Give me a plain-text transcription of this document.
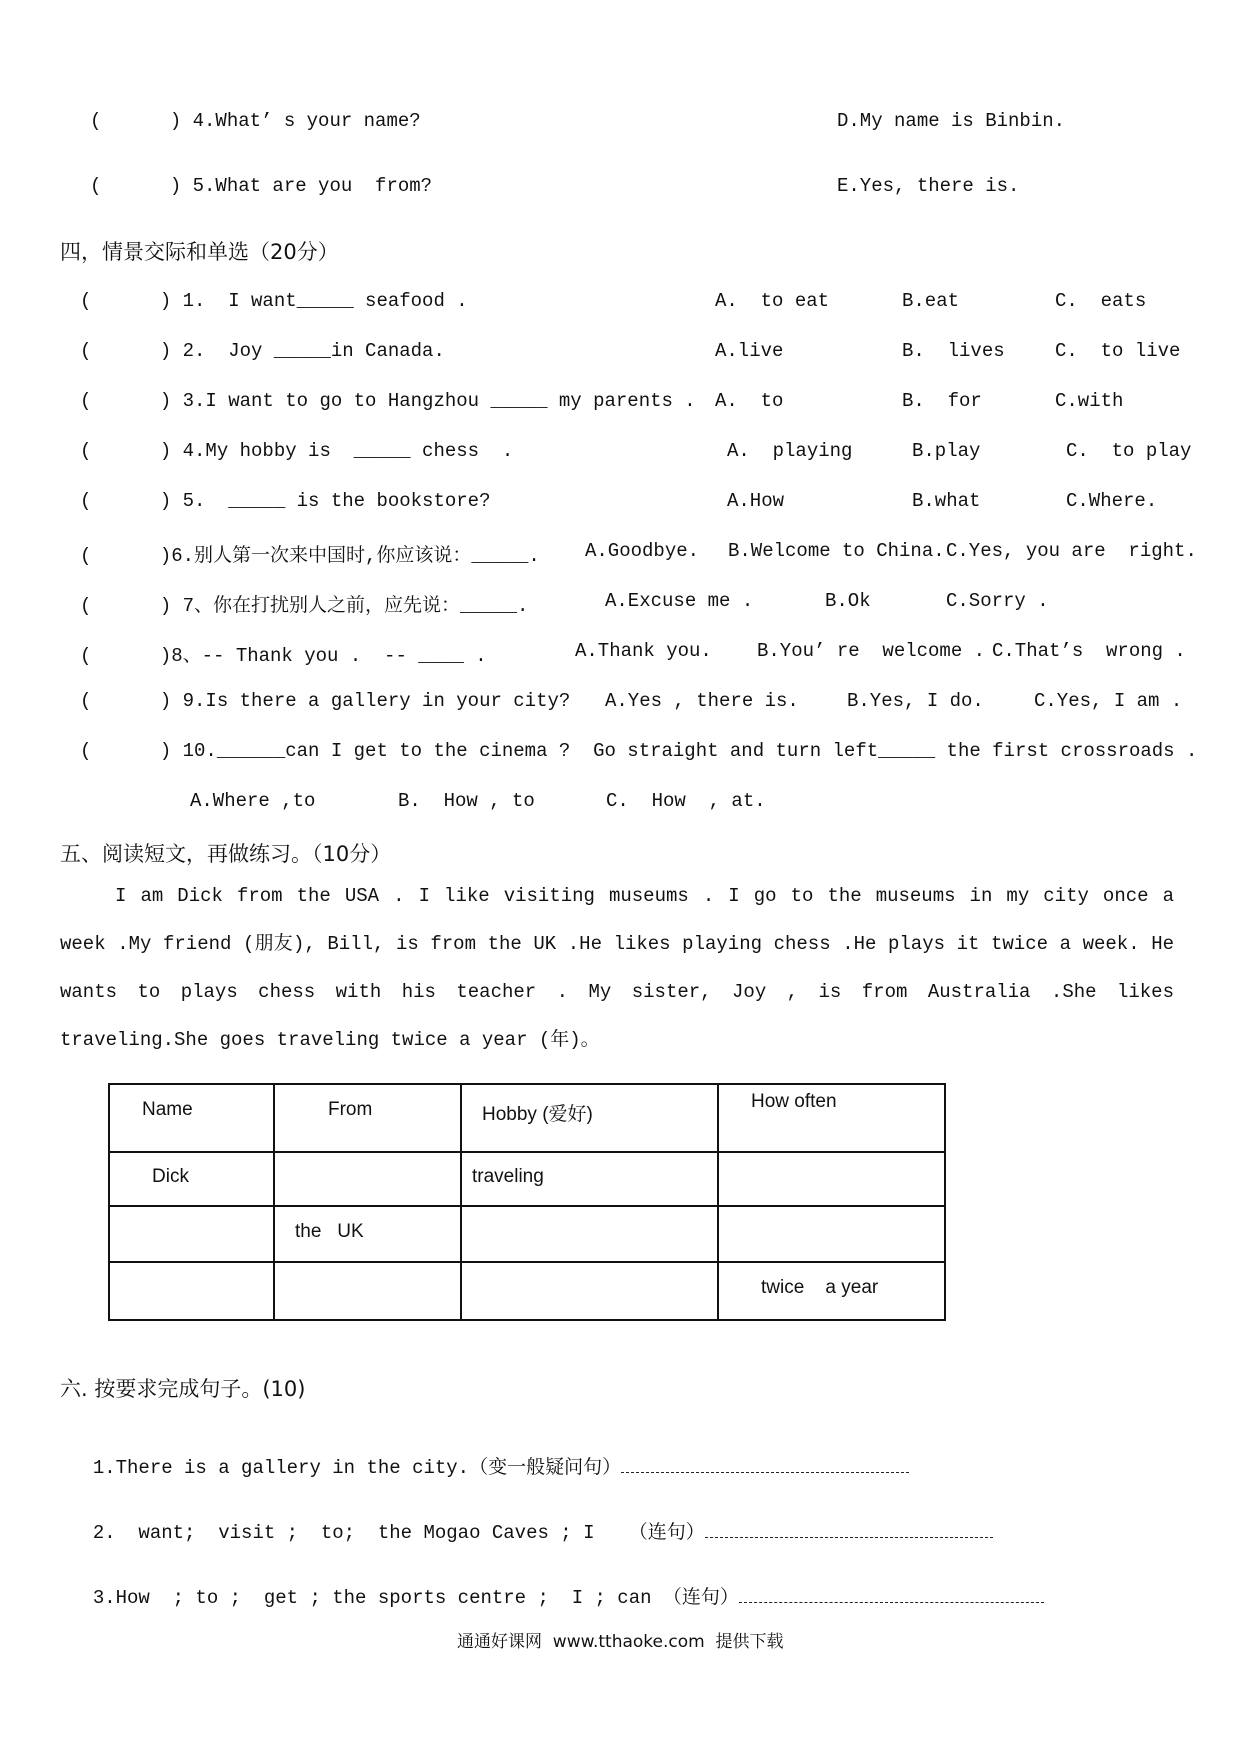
(      ) 4.What’ s your name?	D.My name is Binbin.
(      ) 5.What are you  from?	E.Yes, there is.
四，情景交际和单选（20分）
(      ) 1.  I want_____ seafood .	A.  to eat	B.eat	C.  eats
(      ) 2.  Joy _____in Canada.	A.live	B.  lives	C.  to live
(      ) 3.I want to go to Hangzhou _____ my parents . A.  to	B.  for	C.with
(      ) 4.My hobby is  _____ chess  .	A.  playing	B.play	C.  to play
(      ) 5.  _____ is the bookstore?	A.How	B.what	C.Where.
(      )6.别人第一次来中国时,你应该说：_____. A.Goodbye. B.Welcome to China. C.Yes, you are  right.
(      ) 7、你在打扰别人之前，应先说：_____.	A.Excuse me .	B.Ok	C.Sorry .
(      )8、-- Thank you .  -- ____ .	A.Thank you. B.You’ re  welcome . C.That’s  wrong .
(      ) 9.Is there a gallery in your city? A.Yes , there is.	B.Yes, I do.	C.Yes, I am .
(      ) 10.______can I get to the cinema ?  Go straight and turn left_____ the first crossroads .
A.Where ,to	B.  How , to	C.  How  , at.
五、阅读短文，再做练习。（10分）
I am Dick from the USA . I like visiting museums . I go to the museums in my city once a week .My friend (朋友), Bill, is from the UK .He likes playing chess .He plays it twice a week. He wants to plays chess with his teacher . My sister, Joy , is from Australia .She likes traveling.She goes traveling twice a year (年)。
Name	From	Hobby (爱好)	How often

Dick		traveling	

	the   UK		

			twice    a year
六. 按要求完成句子。(10)

1.There is a gallery in the city.（变一般疑问句）

2.  want;  visit ;  to;  the Mogao Caves ; I   （连句）

3.How  ; to ;  get ; the sports centre ;  I ; can （连句）

通通好课网  www.tthaoke.com  提供下载
